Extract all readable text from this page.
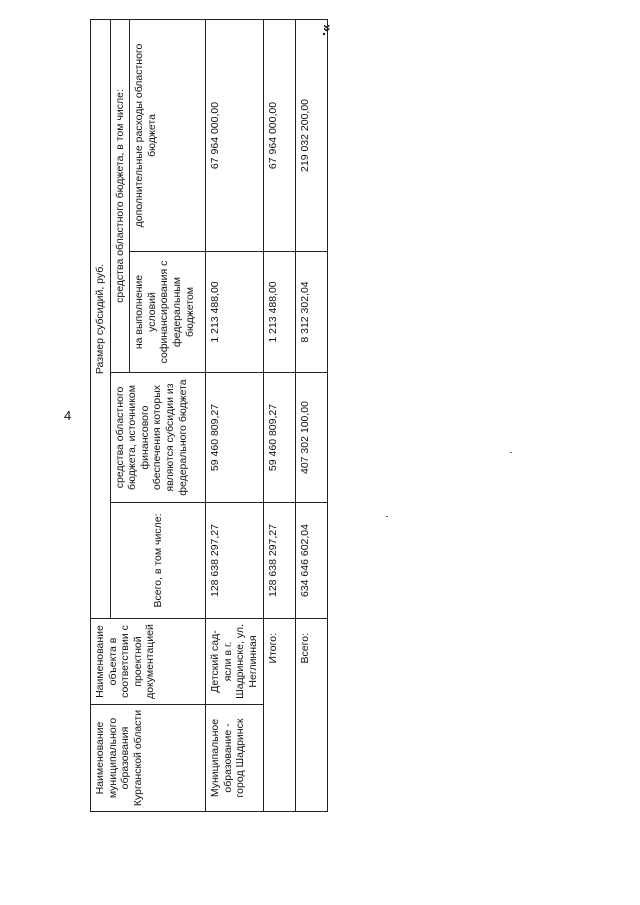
4
».
Наименование муниципального образования Курганской области	Наименование объекта в соответствии с проектной документацией	Размер субсидий, руб.			
		Всего, в том числе:	средства областного бюджета, источником финансового обеспечения которых являются субсидии из федерального бюджета	средства областного бюджета, в том числе:	
				на выполнение условий софинансирования с федеральным бюджетом	дополнительные расходы областного бюджета
Муниципальное образование - город Шадринск	Детский сад-ясли в г. Шадринске, ул. Неглинная	128 638 297,27	59 460 809,27	1 213 488,00	67 964 000,00
Итого:		128 638 297,27	59 460 809,27	1 213 488,00	67 964 000,00
Всего:		634 646 602,04	407 302 100,00	8 312 302,04	219 032 200,00
